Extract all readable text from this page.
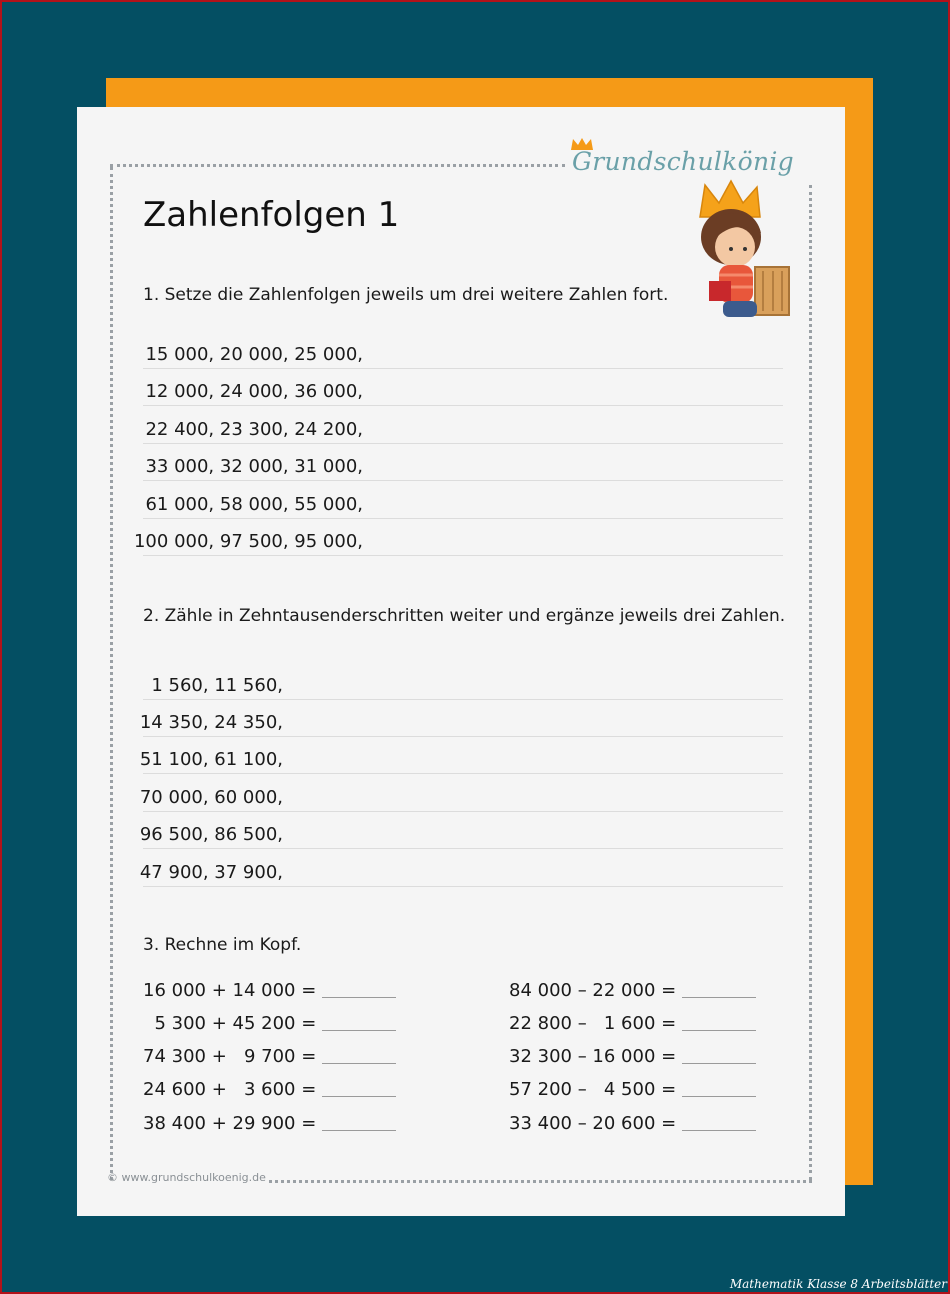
Grundschulkönig
Zahlenfolgen 1
1. Setze die Zahlenfolgen jeweils um drei weitere Zahlen fort.
15 000, 20 000, 25 000,
12 000, 24 000, 36 000,
22 400, 23 300, 24 200,
33 000, 32 000, 31 000,
61 000, 58 000, 55 000,
100 000, 97 500, 95 000,
2. Zähle in Zehntausenderschritten weiter und ergänze jeweils drei Zahlen.
1 560, 11 560,
14 350, 24 350,
51 100, 61 100,
70 000, 60 000,
96 500, 86 500,
47 900, 37 900,
3. Rechne im Kopf.
16 000 + 14 000 =
5 300 + 45 200 =
74 300 +   9 700 =
24 600 +   3 600 =
38 400 + 29 900 =
84 000 – 22 000 =
22 800 –   1 600 =
32 300 – 16 000 =
57 200 –   4 500 =
33 400 – 20 600 =
© www.grundschulkoenig.de
Mathematik Klasse 8 Arbeitsblätter
